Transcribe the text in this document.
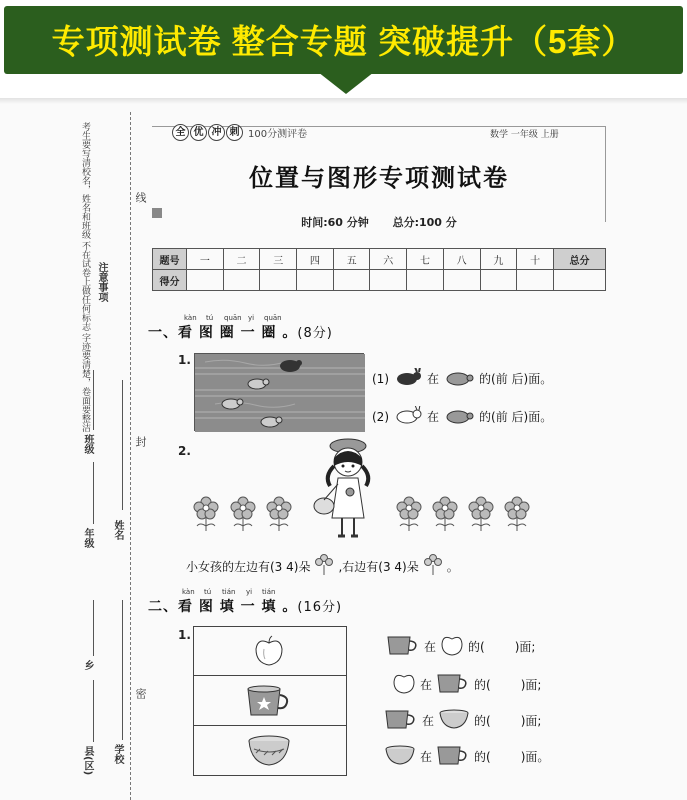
专项测试卷 整合专题 突破提升（5套）
考生要写清校名，姓名和班级
不在试卷上做任何标志
字迹要清楚，卷面要整洁
线
注意事项
班级	封
年级 姓名
乡
密
县(区) 学校
全 优 冲 刺 100分测评卷	数学 一年级 上册
位置与图形专项测试卷
时间:60 分钟 总分:100 分
题号	一	二	三	四	五	六	七	八	九	十	总分
得分											
kàn tú quān yi quān
一、看 图 圈 一 圈 。(8分)
1.
(1)	在	的(前 后)面。
(2)	在	的(前 后)面。
2.
小女孩的左边有(3 4)朵 ,右边有(3 4)朵 。
kàn tú tián yi tián
二、看 图 填 一 填 。(16分)
1.
在	的(	)面;
在	的(	)面;
在	的(	)面;
在	的(	)面。
